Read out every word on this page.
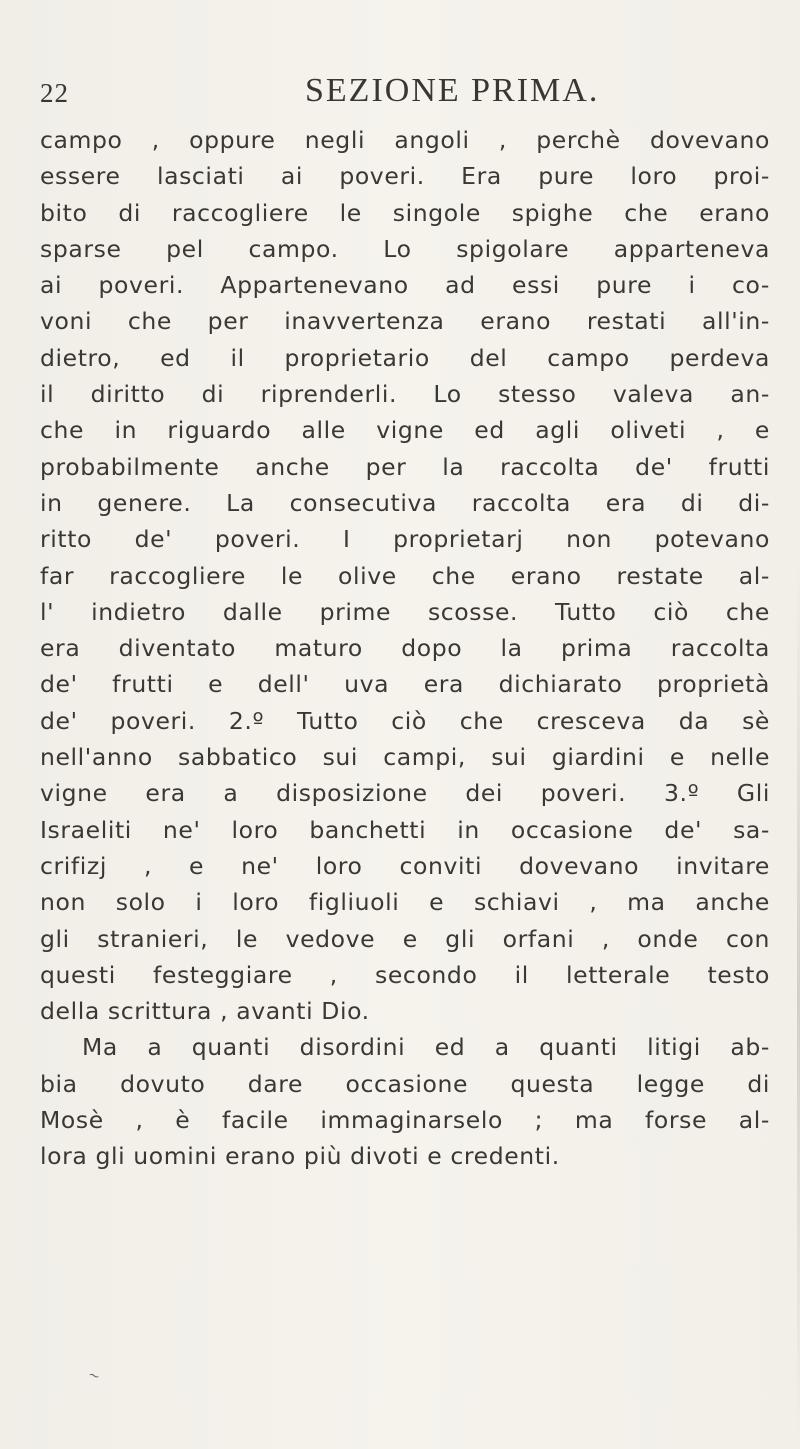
22	SEZIONE PRIMA.
campo , oppure negli angoli , perchè dovevano
essere lasciati ai poveri. Era pure loro proi-
bito di raccogliere le singole spighe che erano
sparse pel campo. Lo spigolare apparteneva
ai poveri. Appartenevano ad essi pure i co-
voni che per inavvertenza erano restati all'in-
dietro, ed il proprietario del campo perdeva
il diritto di riprenderli. Lo stesso valeva an-
che in riguardo alle vigne ed agli oliveti , e
probabilmente anche per la raccolta de' frutti
in genere. La consecutiva raccolta era di di-
ritto de' poveri. I proprietarj non potevano
far raccogliere le olive che erano restate al-
l' indietro dalle prime scosse. Tutto ciò che
era diventato maturo dopo la prima raccolta
de' frutti e dell' uva era dichiarato proprietà
de' poveri. 2.º Tutto ciò che cresceva da sè
nell'anno sabbatico sui campi, sui giardini e nelle
vigne era a disposizione dei poveri. 3.º Gli
Israeliti ne' loro banchetti in occasione de' sa-
crifizj , e ne' loro conviti dovevano invitare
non solo i loro figliuoli e schiavi , ma anche
gli stranieri, le vedove e gli orfani , onde con
questi festeggiare , secondo il letterale testo
della scrittura , avanti Dio.
Ma a quanti disordini ed a quanti litigi ab-
bia dovuto dare occasione questa legge di
Mosè , è facile immaginarselo ; ma forse al-
lora gli uomini erano più divoti e credenti.
~
